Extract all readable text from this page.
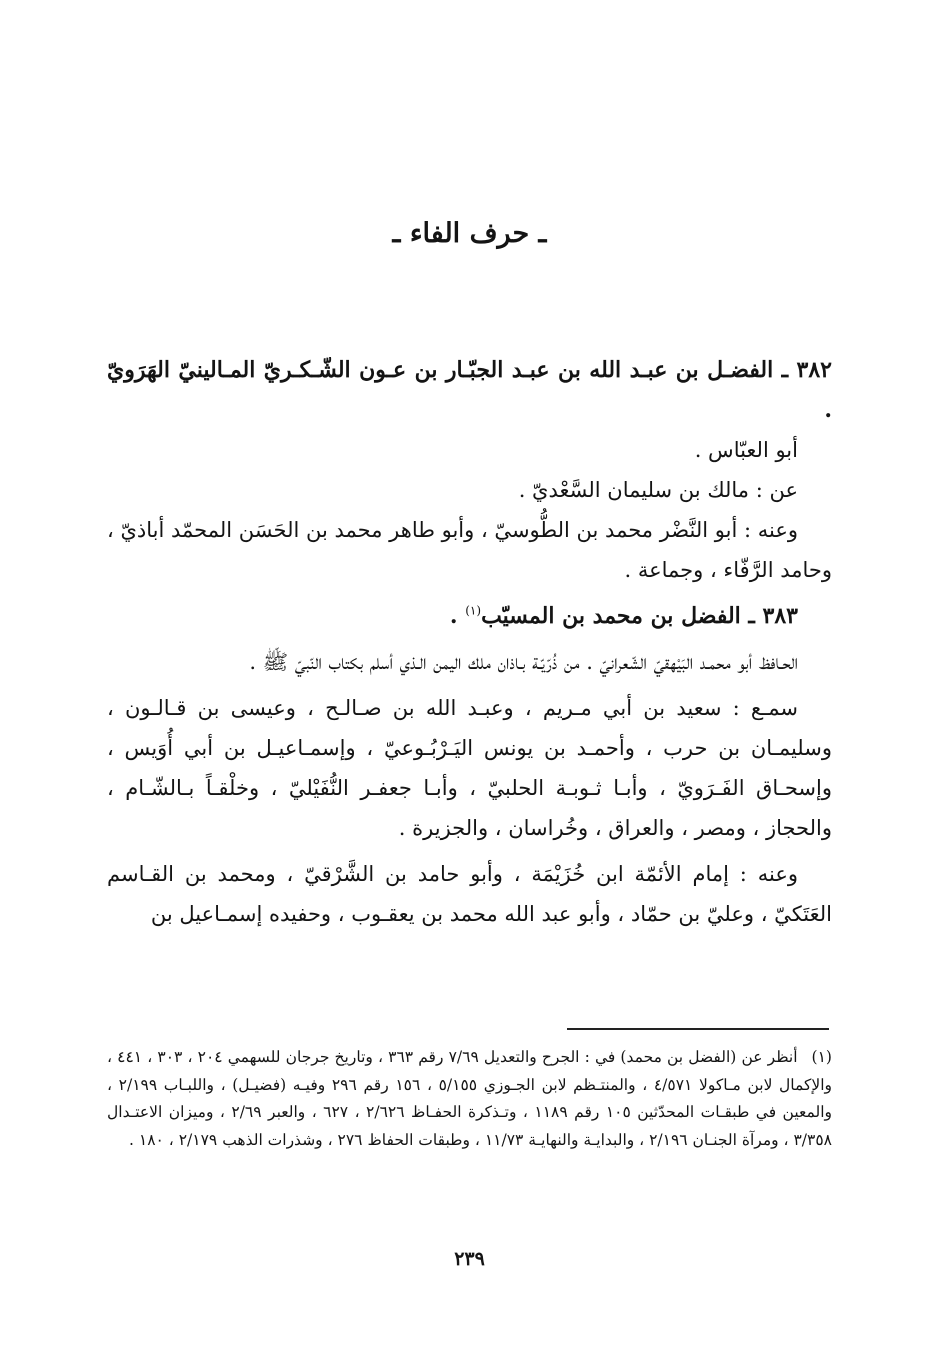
ـ حرف الفاء ـ

٣٨٢ ـ الفضـل بن عبـد الله بن عبـد الجبّـار بن عـون الشّـكـريّ المـالينيّ الهَرَويّ .

أبو العبّاس .

عن : مالك بن سليمان السَّعْديّ .

وعنه : أبو النَّضْر محمد بن الطُّوسيّ ، وأبو طاهر محمد بن الحَسَن المحمّد أباذيّ ، وحامد الرَّفّاء ، وجماعة .

٣٨٣ ـ الفضل بن محمد بن المسيّب$^{(١)}$ .

الحـافظ أبو محمـد البَيْهقيّ الشّعرانيّ . من ذُرّيّـة بـاذان ملك اليمن الـذي أسلم بكتاب النّبيّ ﷺ .

سمـع : سعيد بن أبي مـريم ، وعبـد الله بن صـالـح ، وعيسى بن قـالـون ، وسليمـان بن حرب ، وأحمـد بن يونس اليَـرْبُـوعيّ ، وإسمـاعيـل بن أبي أُوَيس ، وإسحـاق الفَـرَويّ ، وأبـا ثـوبـة الحلبيّ ، وأبـا جعفـر النُّفَيْليّ ، وخلْقـاً بـالشّـام ، والحجاز ، ومصر ، والعراق ، وخُراسان ، والجزيرة .

وعنه : إمام الأئمّة ابن خُزَيْمَة ، وأبو حامد بن الشَّرْقيّ ، ومحمد بن القـاسم العَتَكيّ ، وعليّ بن حمّاد ، وأبو عبد الله محمد بن يعقـوب ، وحفيده إسمـاعيل بن

(١)أنظر عن (الفضل بن محمد) في : الجرح والتعديل ٧/٦٩ رقم ٣٦٣ ، وتاريخ جرجان للسهمي ٢٠٤ ، ٣٠٣ ، ٤٤١ ، والإكمال لابن مـاكولا ٤/٥٧١ ، والمنتـظم لابن الجـوزي ٥/١٥٥ ، ١٥٦ رقم ٢٩٦ وفيـه (فضيـل) ، واللبـاب ٢/١٩٩ ، والمعين في طبقـات المحدّثين ١٠٥ رقم ١١٨٩ ، وتـذكرة الحفـاظ ٢/٦٢٦ ، ٦٢٧ ، والعبر ٢/٦٩ ، وميزان الاعتـدال ٣/٣٥٨ ، ومرآة الجنـان ٢/١٩٦ ، والبدايـة والنهايـة ١١/٧٣ ، وطبقات الحفاظ ٢٧٦ ، وشذرات الذهب ٢/١٧٩ ، ١٨٠ .

٢٣٩
